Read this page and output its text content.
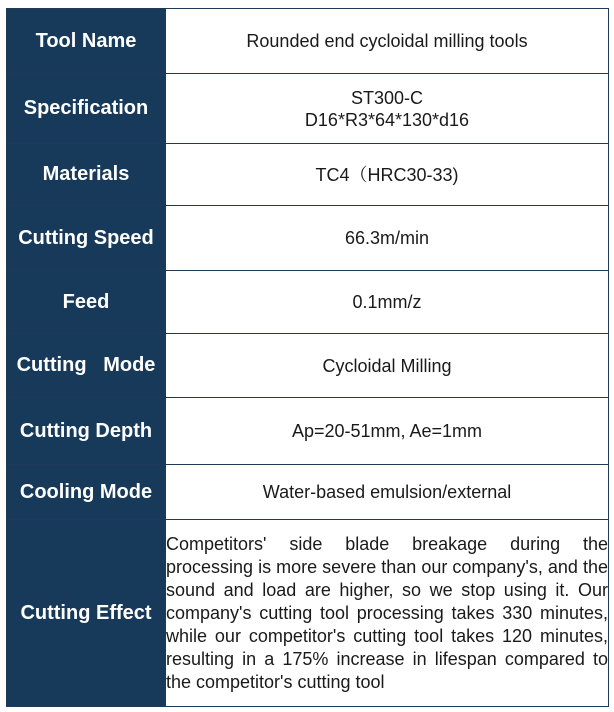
Tool Name	Rounded end cycloidal milling tools

Specification	ST300-C
D16*R3*64*130*d16

Materials	TC4（HRC30-33)

Cutting Speed	66.3m/min

Feed	0.1mm/z

Cutting   Mode	Cycloidal Milling

Cutting Depth	Ap=20-51mm, Ae=1mm

Cooling Mode	Water-based emulsion/external

Cutting Effect	Competitors' side blade breakage during the processing is more severe than our company's, and the sound and load are higher, so we stop using it. Our company's cutting tool processing takes 330 minutes, while our competitor's cutting tool takes 120 minutes, resulting in a 175% increase in lifespan compared to the competitor's cutting tool
